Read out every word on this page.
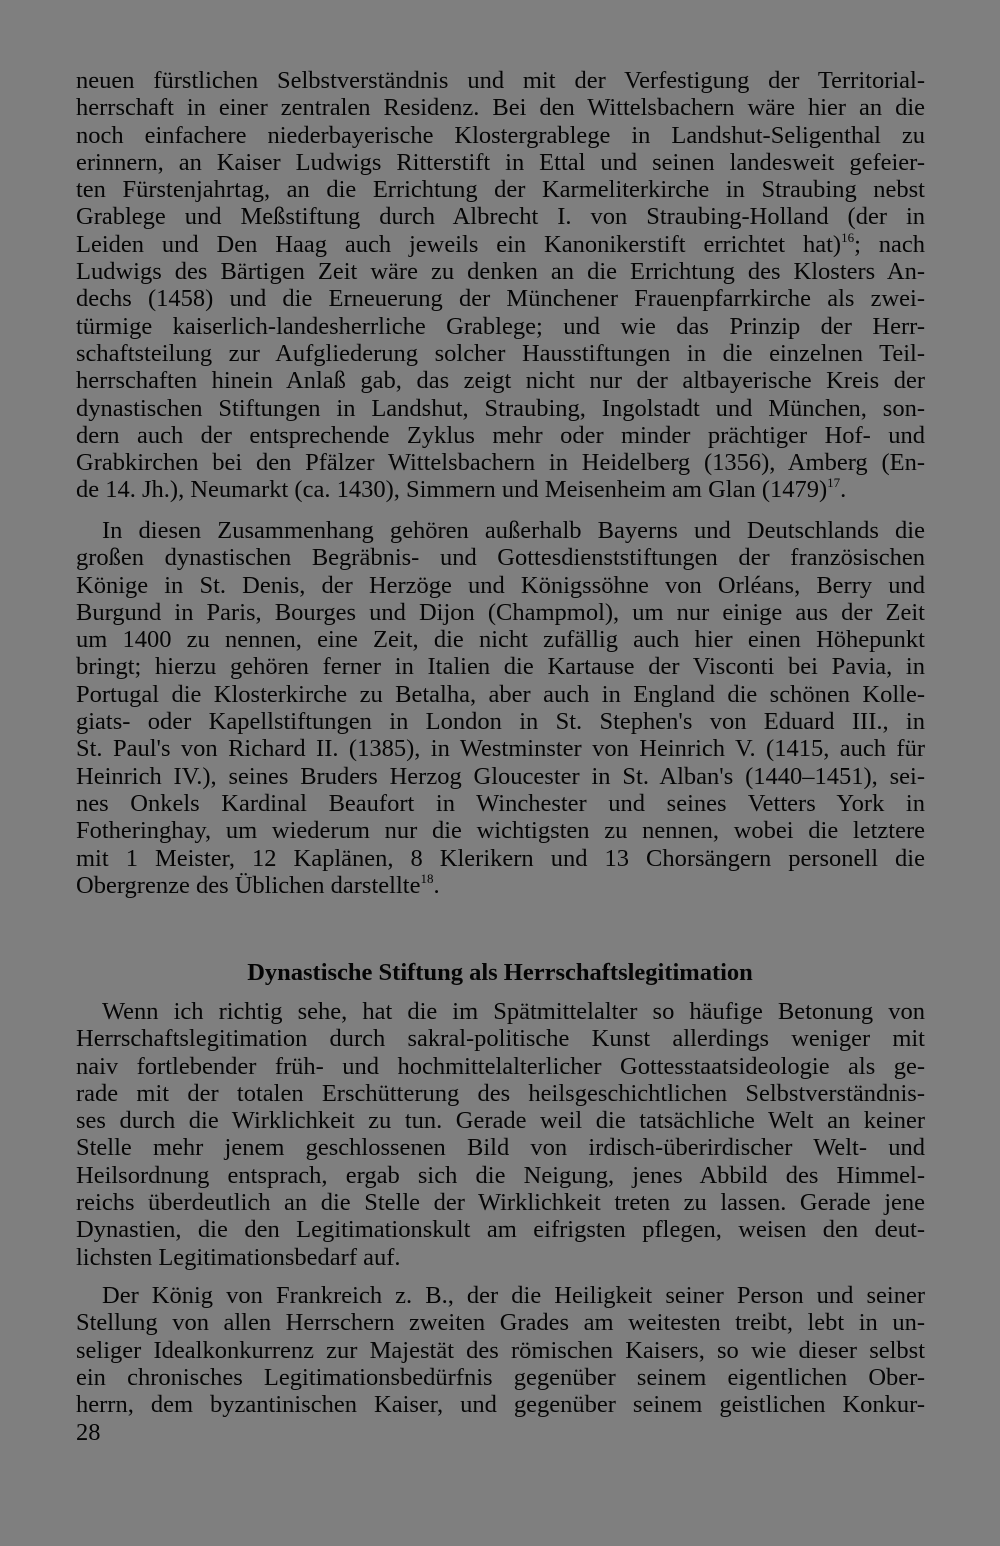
neuen fürstlichen Selbstverständnis und mit der Verfestigung der Territorial-
herrschaft in einer zentralen Residenz. Bei den Wittelsbachern wäre hier an die
noch einfachere niederbayerische Klostergrablege in Landshut-Seligenthal zu
erinnern, an Kaiser Ludwigs Ritterstift in Ettal und seinen landesweit gefeier-
ten Fürstenjahrtag, an die Errichtung der Karmeliterkirche in Straubing nebst
Grablege und Meßstiftung durch Albrecht I. von Straubing-Holland (der in
Leiden und Den Haag auch jeweils ein Kanonikerstift errichtet hat)$^{16}$; nach
Ludwigs des Bärtigen Zeit wäre zu denken an die Errichtung des Klosters An-
dechs (1458) und die Erneuerung der Münchener Frauenpfarrkirche als zwei-
türmige kaiserlich-landesherrliche Grablege; und wie das Prinzip der Herr-
schaftsteilung zur Aufgliederung solcher Hausstiftungen in die einzelnen Teil-
herrschaften hinein Anlaß gab, das zeigt nicht nur der altbayerische Kreis der
dynastischen Stiftungen in Landshut, Straubing, Ingolstadt und München, son-
dern auch der entsprechende Zyklus mehr oder minder prächtiger Hof- und
Grabkirchen bei den Pfälzer Wittelsbachern in Heidelberg (1356), Amberg (En-
de 14. Jh.), Neumarkt (ca. 1430), Simmern und Meisenheim am Glan $(1479)^{17}$.
In diesen Zusammenhang gehören außerhalb Bayerns und Deutschlands die
großen dynastischen Begräbnis- und Gottesdienststiftungen der französischen
Könige in St. Denis, der Herzöge und Königssöhne von Orléans, Berry und
Burgund in Paris, Bourges und Dijon (Champmol), um nur einige aus der Zeit
um 1400 zu nennen, eine Zeit, die nicht zufällig auch hier einen Höhepunkt
bringt; hierzu gehören ferner in Italien die Kartause der Visconti bei Pavia, in
Portugal die Klosterkirche zu Betalha, aber auch in England die schönen Kolle-
giats- oder Kapellstiftungen in London in St. Stephen's von Eduard III., in
St. Paul's von Richard II. (1385), in Westminster von Heinrich V. (1415, auch für
Heinrich IV.), seines Bruders Herzog Gloucester in St. Alban's (1440–1451), sei-
nes Onkels Kardinal Beaufort in Winchester und seines Vetters York in
Fotheringhay, um wiederum nur die wichtigsten zu nennen, wobei die letztere
mit 1 Meister, 12 Kaplänen, 8 Klerikern und 13 Chorsängern personell die
Obergrenze des Üblichen darstellte$^{18}$.
Dynastische Stiftung als Herrschaftslegitimation
Wenn ich richtig sehe, hat die im Spätmittelalter so häufige Betonung von
Herrschaftslegitimation durch sakral-politische Kunst allerdings weniger mit
naiv fortlebender früh- und hochmittelalterlicher Gottesstaatsideologie als ge-
rade mit der totalen Erschütterung des heilsgeschichtlichen Selbstverständnis-
ses durch die Wirklichkeit zu tun. Gerade weil die tatsächliche Welt an keiner
Stelle mehr jenem geschlossenen Bild von irdisch-überirdischer Welt- und
Heilsordnung entsprach, ergab sich die Neigung, jenes Abbild des Himmel-
reichs überdeutlich an die Stelle der Wirklichkeit treten zu lassen. Gerade jene
Dynastien, die den Legitimationskult am eifrigsten pflegen, weisen den deut-
lichsten Legitimationsbedarf auf.
Der König von Frankreich z. B., der die Heiligkeit seiner Person und seiner
Stellung von allen Herrschern zweiten Grades am weitesten treibt, lebt in un-
seliger Idealkonkurrenz zur Majestät des römischen Kaisers, so wie dieser selbst
ein chronisches Legitimationsbedürfnis gegenüber seinem eigentlichen Ober-
herrn, dem byzantinischen Kaiser, und gegenüber seinem geistlichen Konkur-
28
